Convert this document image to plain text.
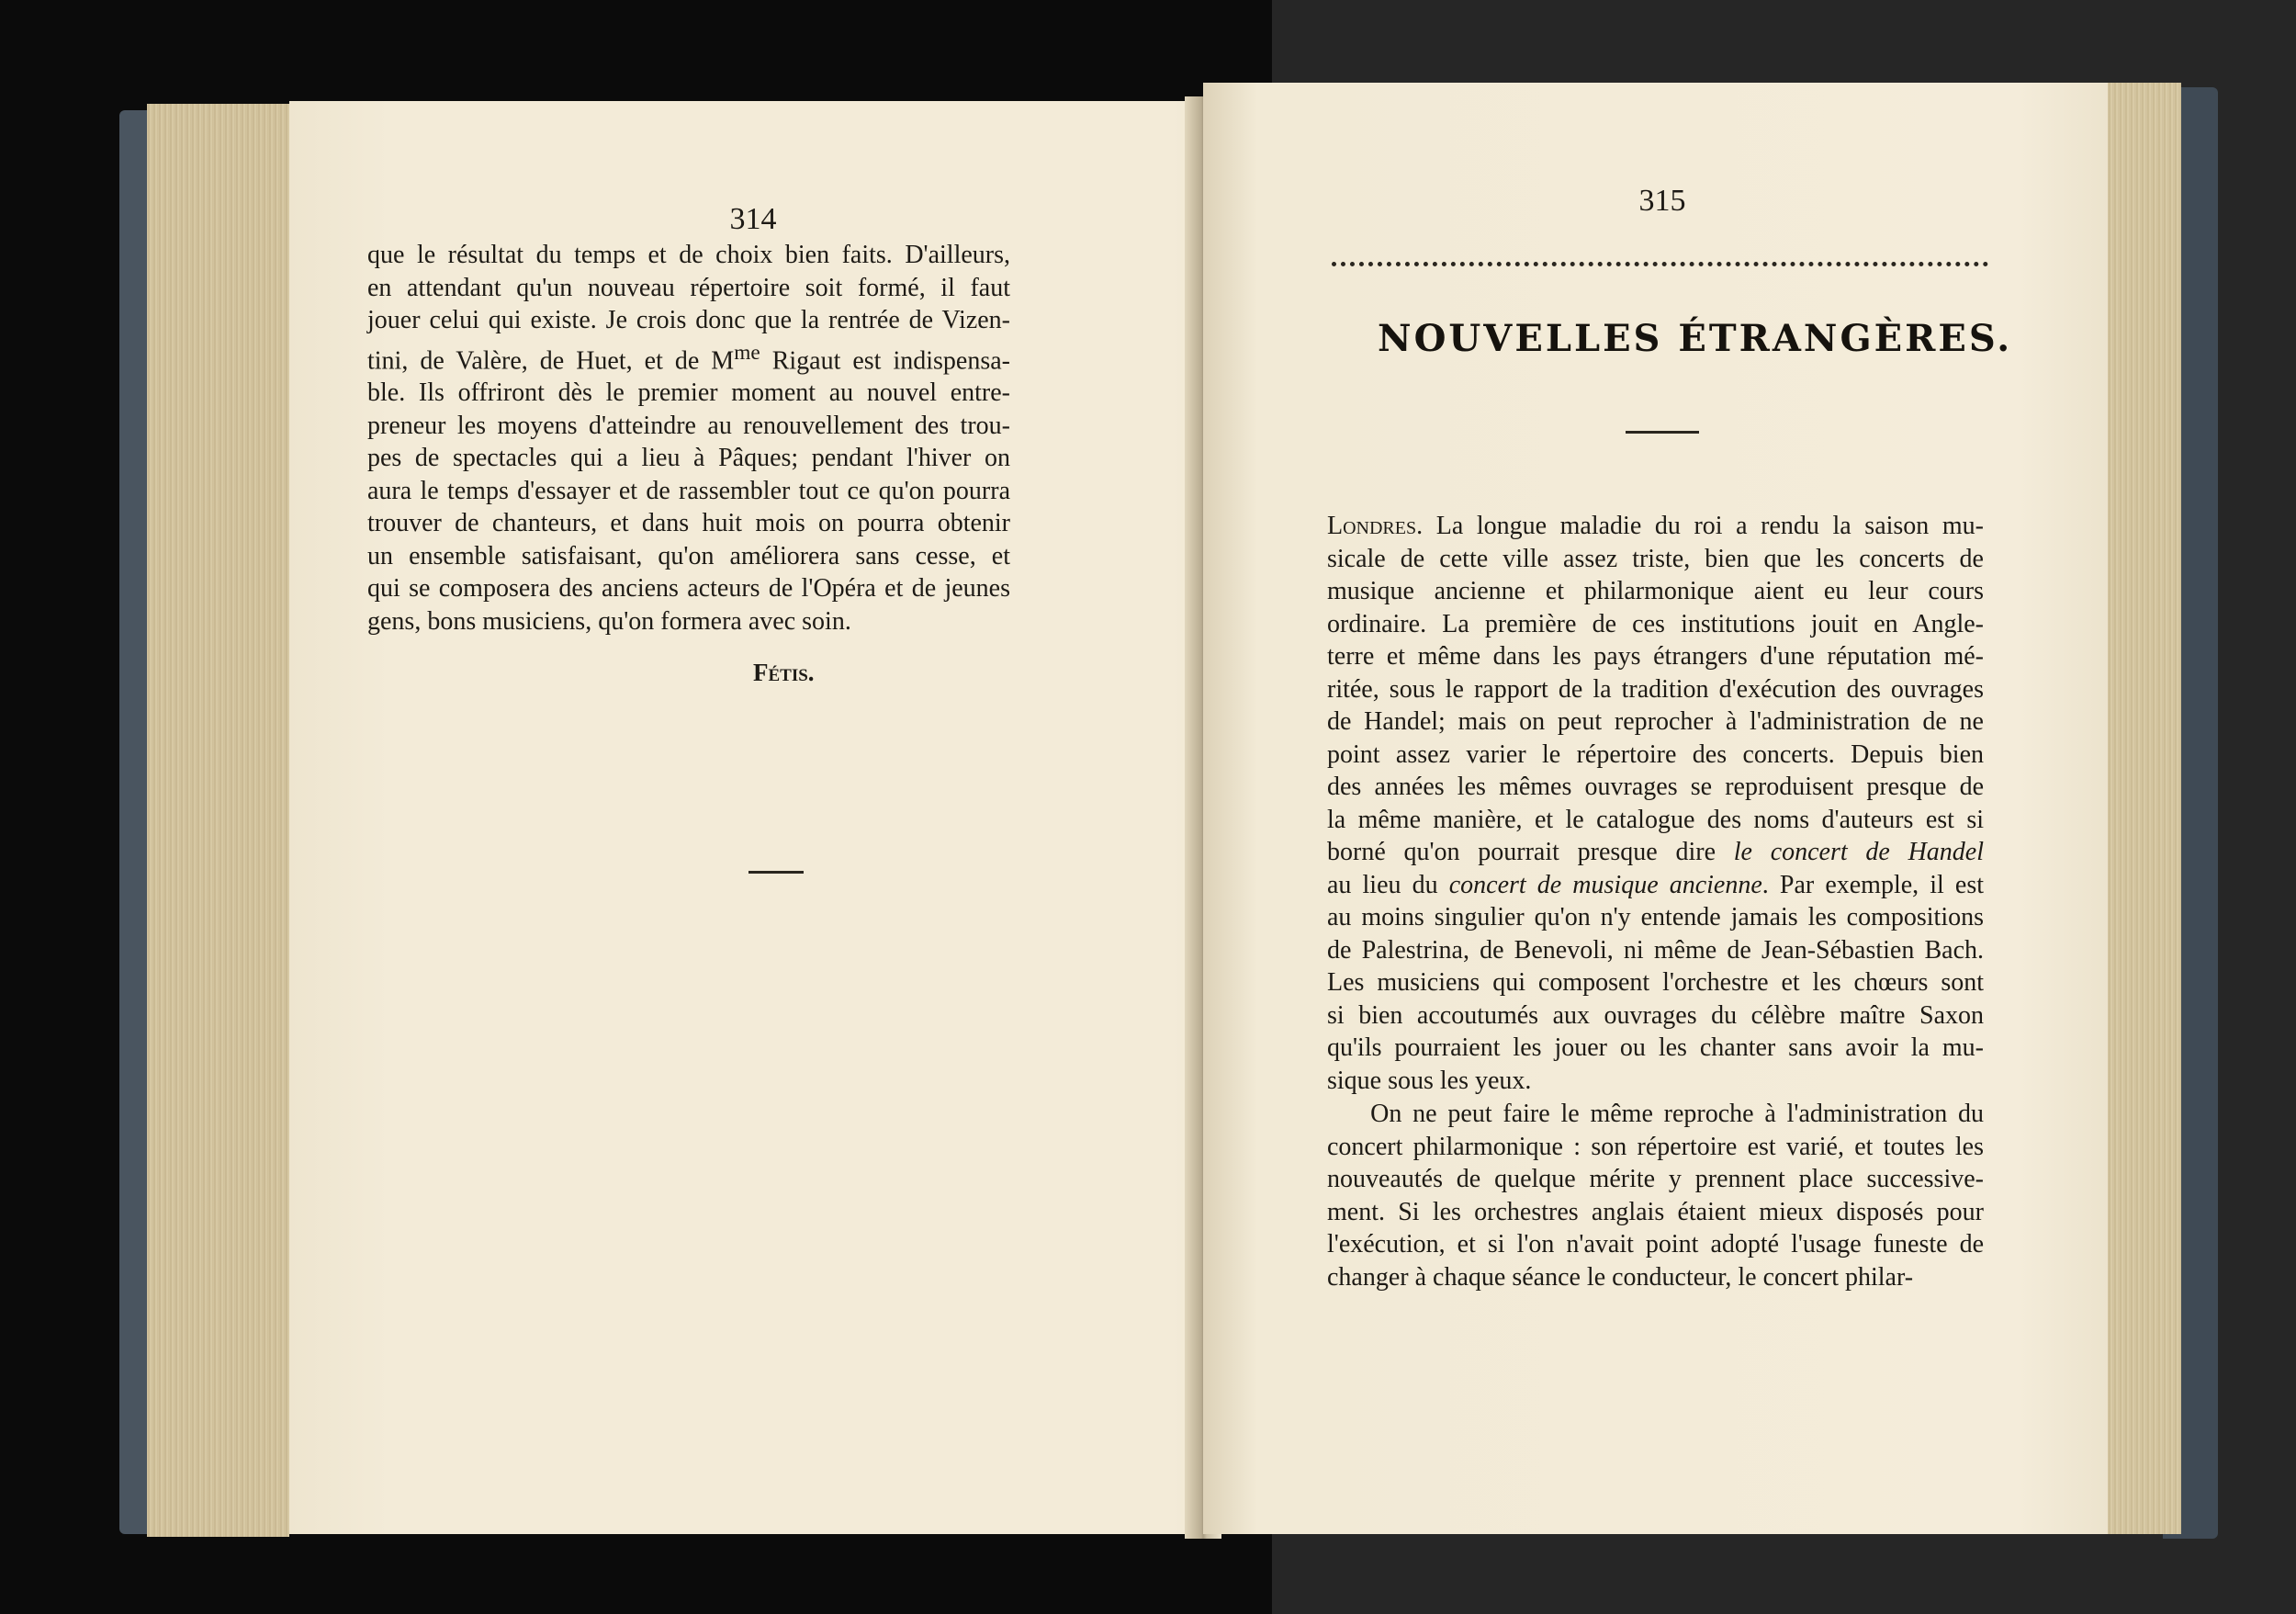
314
que le résultat du temps et de choix bien faits. D'ailleurs,
en attendant qu'un nouveau répertoire soit formé, il faut
jouer celui qui existe. Je crois donc que la rentrée de Vizen-
tini, de Valère, de Huet, et de $M^{me}$ Rigaut est indispensa-
ble. Ils offriront dès le premier moment au nouvel entre-
preneur les moyens d'atteindre au renouvellement des trou-
pes de spectacles qui a lieu à Pâques; pendant l'hiver on
aura le temps d'essayer et de rassembler tout ce qu'on pourra
trouver de chanteurs, et dans huit mois on pourra obtenir
un ensemble satisfaisant, qu'on améliorera sans cesse, et
qui se composera des anciens acteurs de l'Opéra et de jeunes
gens, bons musiciens, qu'on formera avec soin.
Fétis.
315
NOUVELLES ÉTRANGÈRES.
Londres. La longue maladie du roi a rendu la saison mu-
sicale de cette ville assez triste, bien que les concerts de
musique ancienne et philarmonique aient eu leur cours
ordinaire. La première de ces institutions jouit en Angle-
terre et même dans les pays étrangers d'une réputation mé-
ritée, sous le rapport de la tradition d'exécution des ouvrages
de Handel; mais on peut reprocher à l'administration de ne
point assez varier le répertoire des concerts. Depuis bien
des années les mêmes ouvrages se reproduisent presque de
la même manière, et le catalogue des noms d'auteurs est si
borné qu'on pourrait presque dire le concert de Handel
au lieu du concert de musique ancienne. Par exemple, il est
au moins singulier qu'on n'y entende jamais les compositions
de Palestrina, de Benevoli, ni même de Jean-Sébastien Bach.
Les musiciens qui composent l'orchestre et les chœurs sont
si bien accoutumés aux ouvrages du célèbre maître Saxon
qu'ils pourraient les jouer ou les chanter sans avoir la mu-
sique sous les yeux.
On ne peut faire le même reproche à l'administration du
concert philarmonique : son répertoire est varié, et toutes les
nouveautés de quelque mérite y prennent place successive-
ment. Si les orchestres anglais étaient mieux disposés pour
l'exécution, et si l'on n'avait point adopté l'usage funeste de
changer à chaque séance le conducteur, le concert philar-
